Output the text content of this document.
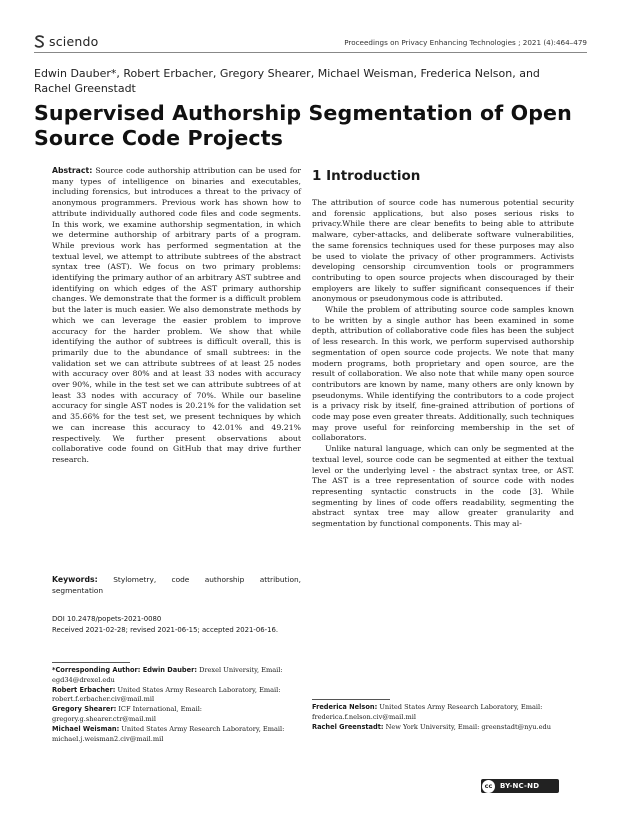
sciendo	Proceedings on Privacy Enhancing Technologies ; 2021 (4):464–479
Edwin Dauber*, Robert Erbacher, Gregory Shearer, Michael Weisman, Frederica Nelson, and Rachel Greenstadt
Supervised Authorship Segmentation of Open Source Code Projects
Abstract: Source code authorship attribution can be used for many types of intelligence on binaries and executables, including forensics, but introduces a threat to the privacy of anonymous programmers. Previous work has shown how to attribute individually authored code files and code segments. In this work, we examine authorship segmentation, in which we determine authorship of arbitrary parts of a program. While previous work has performed segmentation at the textual level, we attempt to attribute subtrees of the abstract syntax tree (AST). We focus on two primary problems: identifying the primary author of an arbitrary AST subtree and identifying on which edges of the AST primary authorship changes. We demonstrate that the former is a difficult problem but the later is much easier. We also demonstrate methods by which we can leverage the easier problem to improve accuracy for the harder problem. We show that while identifying the author of subtrees is difficult overall, this is primarily due to the abundance of small subtrees: in the validation set we can attribute subtrees of at least 25 nodes with accuracy over 80% and at least 33 nodes with accuracy over 90%, while in the test set we can attribute subtrees of at least 33 nodes with accuracy of 70%. While our baseline accuracy for single AST nodes is 20.21% for the validation set and 35.66% for the test set, we present techniques by which we can increase this accuracy to 42.01% and 49.21% respectively. We further present observations about collaborative code found on GitHub that may drive further research.
Keywords: Stylometry, code authorship attribution, segmentation
DOI 10.2478/popets-2021-0080
Received 2021-02-28; revised 2021-06-15; accepted 2021-06-16.
*Corresponding Author: Edwin Dauber: Drexel University, Email: egd34@drexel.edu
Robert Erbacher: United States Army Research Laboratory, Email: robert.f.erbacher.civ@mail.mil
Gregory Shearer: ICF International, Email: gregory.g.shearer.ctr@mail.mil
Michael Weisman: United States Army Research Laboratory, Email: michael.j.weisman2.civ@mail.mil
1 Introduction

The attribution of source code has numerous potential security and forensic applications, but also poses serious risks to privacy.While there are clear benefits to being able to attribute malware, cyber-attacks, and deliberate software vulnerabilities, the same forensics techniques used for these purposes may also be used to violate the privacy of other programmers. Activists developing censorship circumvention tools or programmers contributing to open source projects when discouraged by their employers are likely to suffer significant consequences if their anonymous or pseudonymous code is attributed.

While the problem of attributing source code samples known to be written by a single author has been examined in some depth, attribution of collaborative code files has been the subject of less research. In this work, we perform supervised authorship segmentation of open source code projects. We note that many modern programs, both proprietary and open source, are the result of collaboration. We also note that while many open source contributors are known by name, many others are only known by pseudonyms. While identifying the contributors to a code project is a privacy risk by itself, fine-grained attribution of portions of code may pose even greater threats. Additionally, such techniques may prove useful for reinforcing membership in the set of collaborators.

Unlike natural language, which can only be segmented at the textual level, source code can be segmented at either the textual level or the underlying level - the abstract syntax tree, or AST. The AST is a tree representation of source code with nodes representing syntactic constructs in the code [3]. While segmenting by lines of code offers readability, segmenting the abstract syntax tree may allow greater granularity and segmentation by functional components. This may al-

Frederica Nelson: United States Army Research Laboratory, Email: frederica.f.nelson.civ@mail.mil
Rachel Greenstadt: New York University, Email: greenstadt@nyu.edu
cc	BY-NC-ND
